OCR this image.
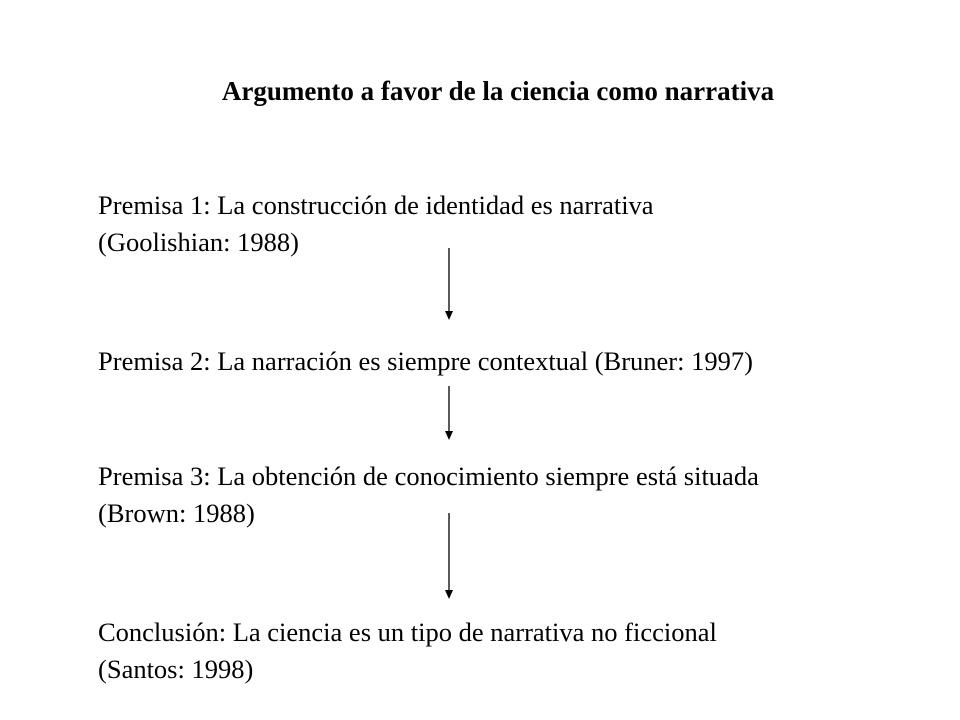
Argumento a favor de la ciencia como narrativa
Premisa 1: La construcción de identidad es narrativa
(Goolishian: 1988)
Premisa 2: La narración es siempre contextual (Bruner: 1997)
Premisa 3: La obtención de conocimiento siempre está situada
(Brown: 1988)
Conclusión: La ciencia es un tipo de narrativa no ficcional
(Santos: 1998)
